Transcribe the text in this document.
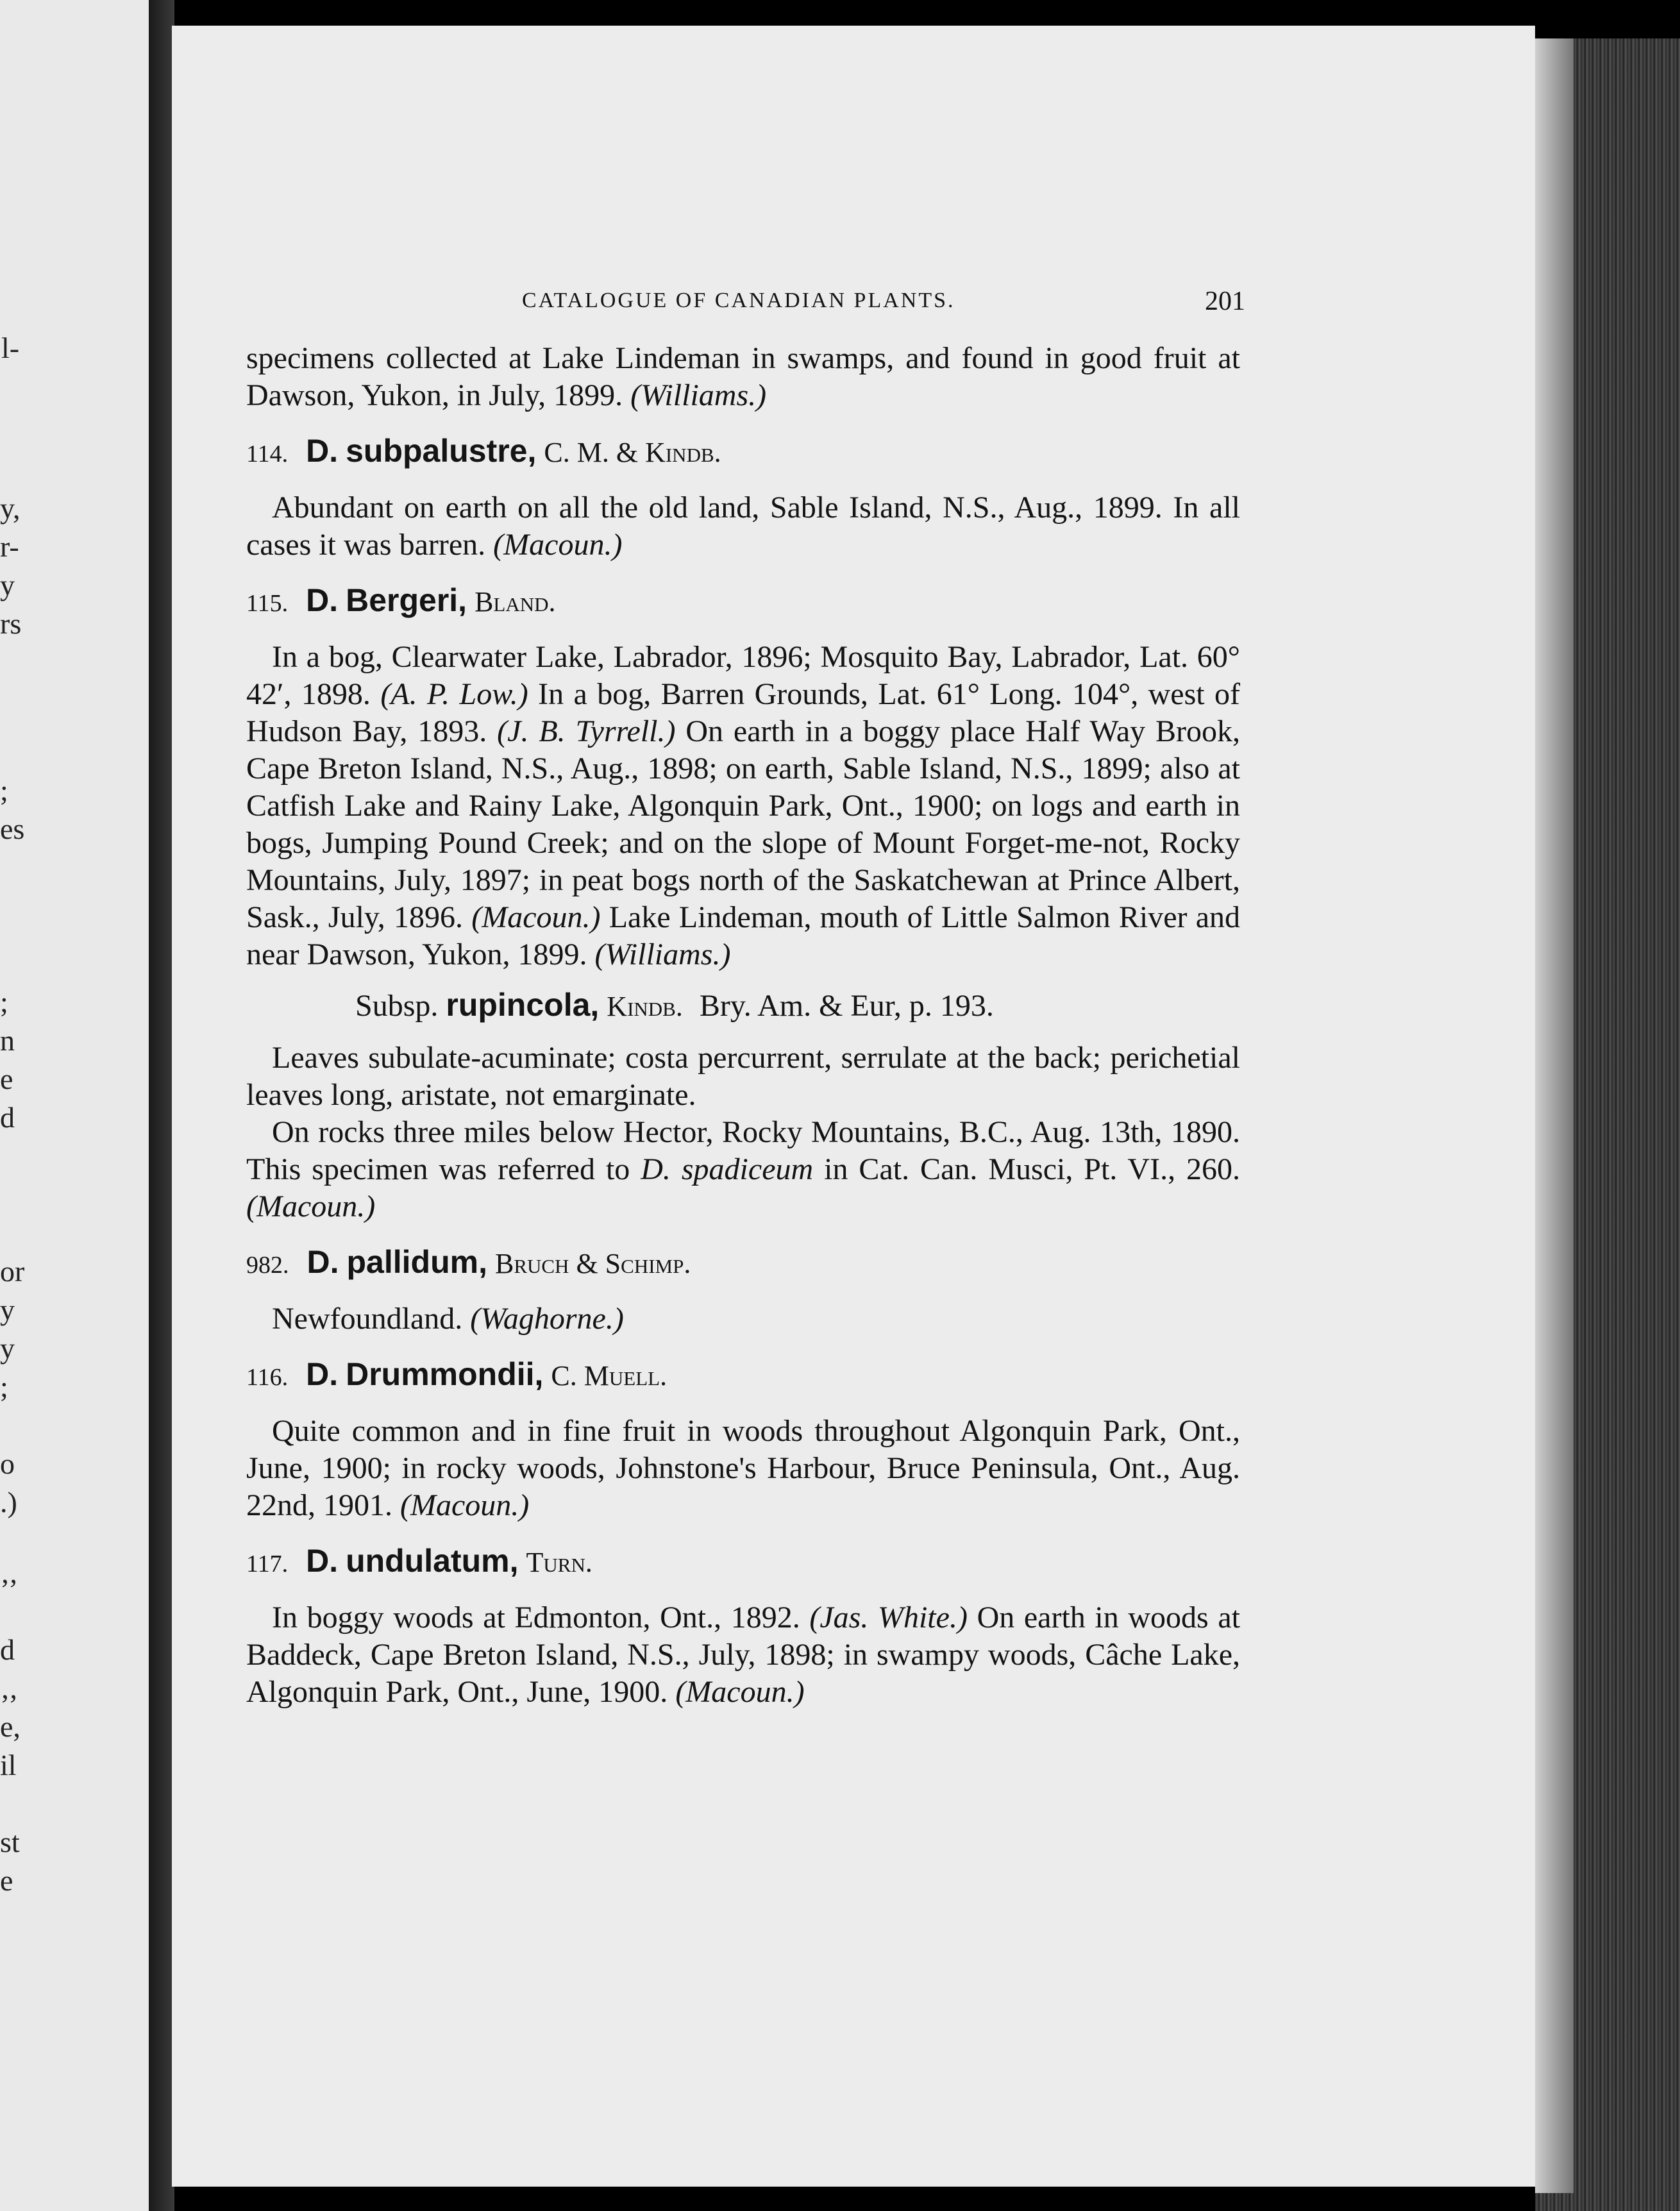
l-
y,
r-
y
rs
;
es
;
n
e
d
or
y
y
;
o
.)
‚,
d
‚,
e,
il
st
e
CATALOGUE OF CANADIAN PLANTS.	201

specimens collected at Lake Lindeman in swamps, and found in good fruit at Dawson, Yukon, in July, 1899. (Williams.)

114. D. subpalustre, C. M. & Kindb.

Abundant on earth on all the old land, Sable Island, N.S., Aug., 1899. In all cases it was barren. (Macoun.)

115. D. Bergeri, Bland.

In a bog, Clearwater Lake, Labrador, 1896; Mosquito Bay, Labrador, Lat. 60° 42′, 1898. (A. P. Low.) In a bog, Barren Grounds, Lat. 61° Long. 104°, west of Hudson Bay, 1893. (J. B. Tyrrell.) On earth in a boggy place Half Way Brook, Cape Breton Island, N.S., Aug., 1898; on earth, Sable Island, N.S., 1899; also at Catfish Lake and Rainy Lake, Algonquin Park, Ont., 1900; on logs and earth in bogs, Jumping Pound Creek; and on the slope of Mount Forget-me-not, Rocky Mountains, July, 1897; in peat bogs north of the Saskatchewan at Prince Albert, Sask., July, 1896. (Macoun.) Lake Lindeman, mouth of Little Salmon River and near Dawson, Yukon, 1899. (Williams.)

Subsp. rupincola, Kindb. Bry. Am. & Eur, p. 193.

Leaves subulate-acuminate; costa percurrent, serrulate at the back; perichetial leaves long, aristate, not emarginate.

On rocks three miles below Hector, Rocky Mountains, B.C., Aug. 13th, 1890. This specimen was referred to D. spadiceum in Cat. Can. Musci, Pt. VI., 260. (Macoun.)

982. D. pallidum, Bruch & Schimp.

Newfoundland. (Waghorne.)

116. D. Drummondii, C. Muell.

Quite common and in fine fruit in woods throughout Algonquin Park, Ont., June, 1900; in rocky woods, Johnstone's Harbour, Bruce Peninsula, Ont., Aug. 22nd, 1901. (Macoun.)

117. D. undulatum, Turn.

In boggy woods at Edmonton, Ont., 1892. (Jas. White.) On earth in woods at Baddeck, Cape Breton Island, N.S., July, 1898; in swampy woods, Câche Lake, Algonquin Park, Ont., June, 1900. (Macoun.)
